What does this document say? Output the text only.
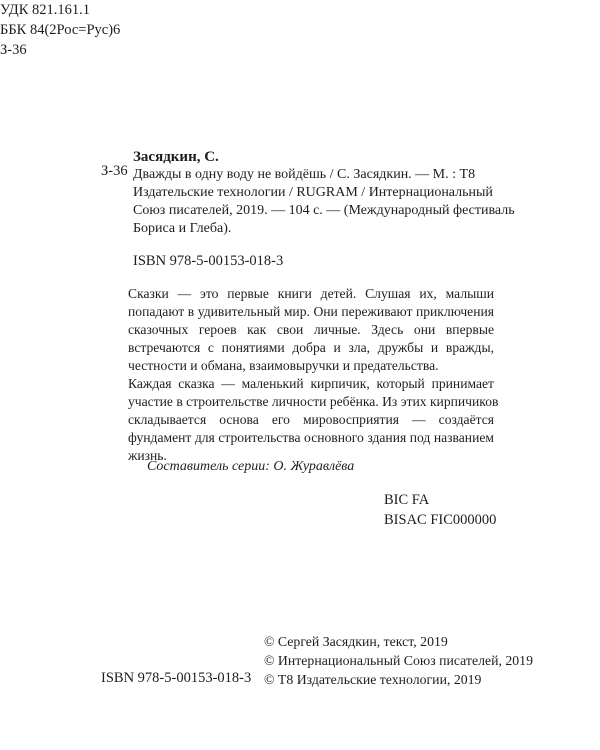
УДК 821.161.1
ББК 84(2Рос=Рус)6
З-36
Засядкин, С.
З-36 Дважды в одну воду не войдёшь / С. Засядкин. — М. : Т8
Издательские технологии / RUGRAM / Интернациональный
Союз писателей, 2019. — 104 с. — (Международный фестиваль
Бориса и Глеба).
ISBN 978-5-00153-018-3
Сказки — это первые книги детей. Слушая их, малыши
попадают в удивительный мир. Они переживают приключения
сказочных героев как свои личные. Здесь они впервые
встречаются с понятиями добра и зла, дружбы и вражды,
честности и обмана, взаимовыручки и предательства.
Каждая сказка — маленький кирпичик, который принимает
участие в строительстве личности ребёнка. Из этих кирпичиков
складывается основа его мировосприятия — создаётся
фундамент для строительства основного здания под названием
жизнь.
Составитель серии: О. Журавлёва
BIC FA
BISAC FIC000000
ISBN 978-5-00153-018-3
© Сергей Засядкин, текст, 2019
© Интернациональный Союз писателей, 2019
© Т8 Издательские технологии, 2019
